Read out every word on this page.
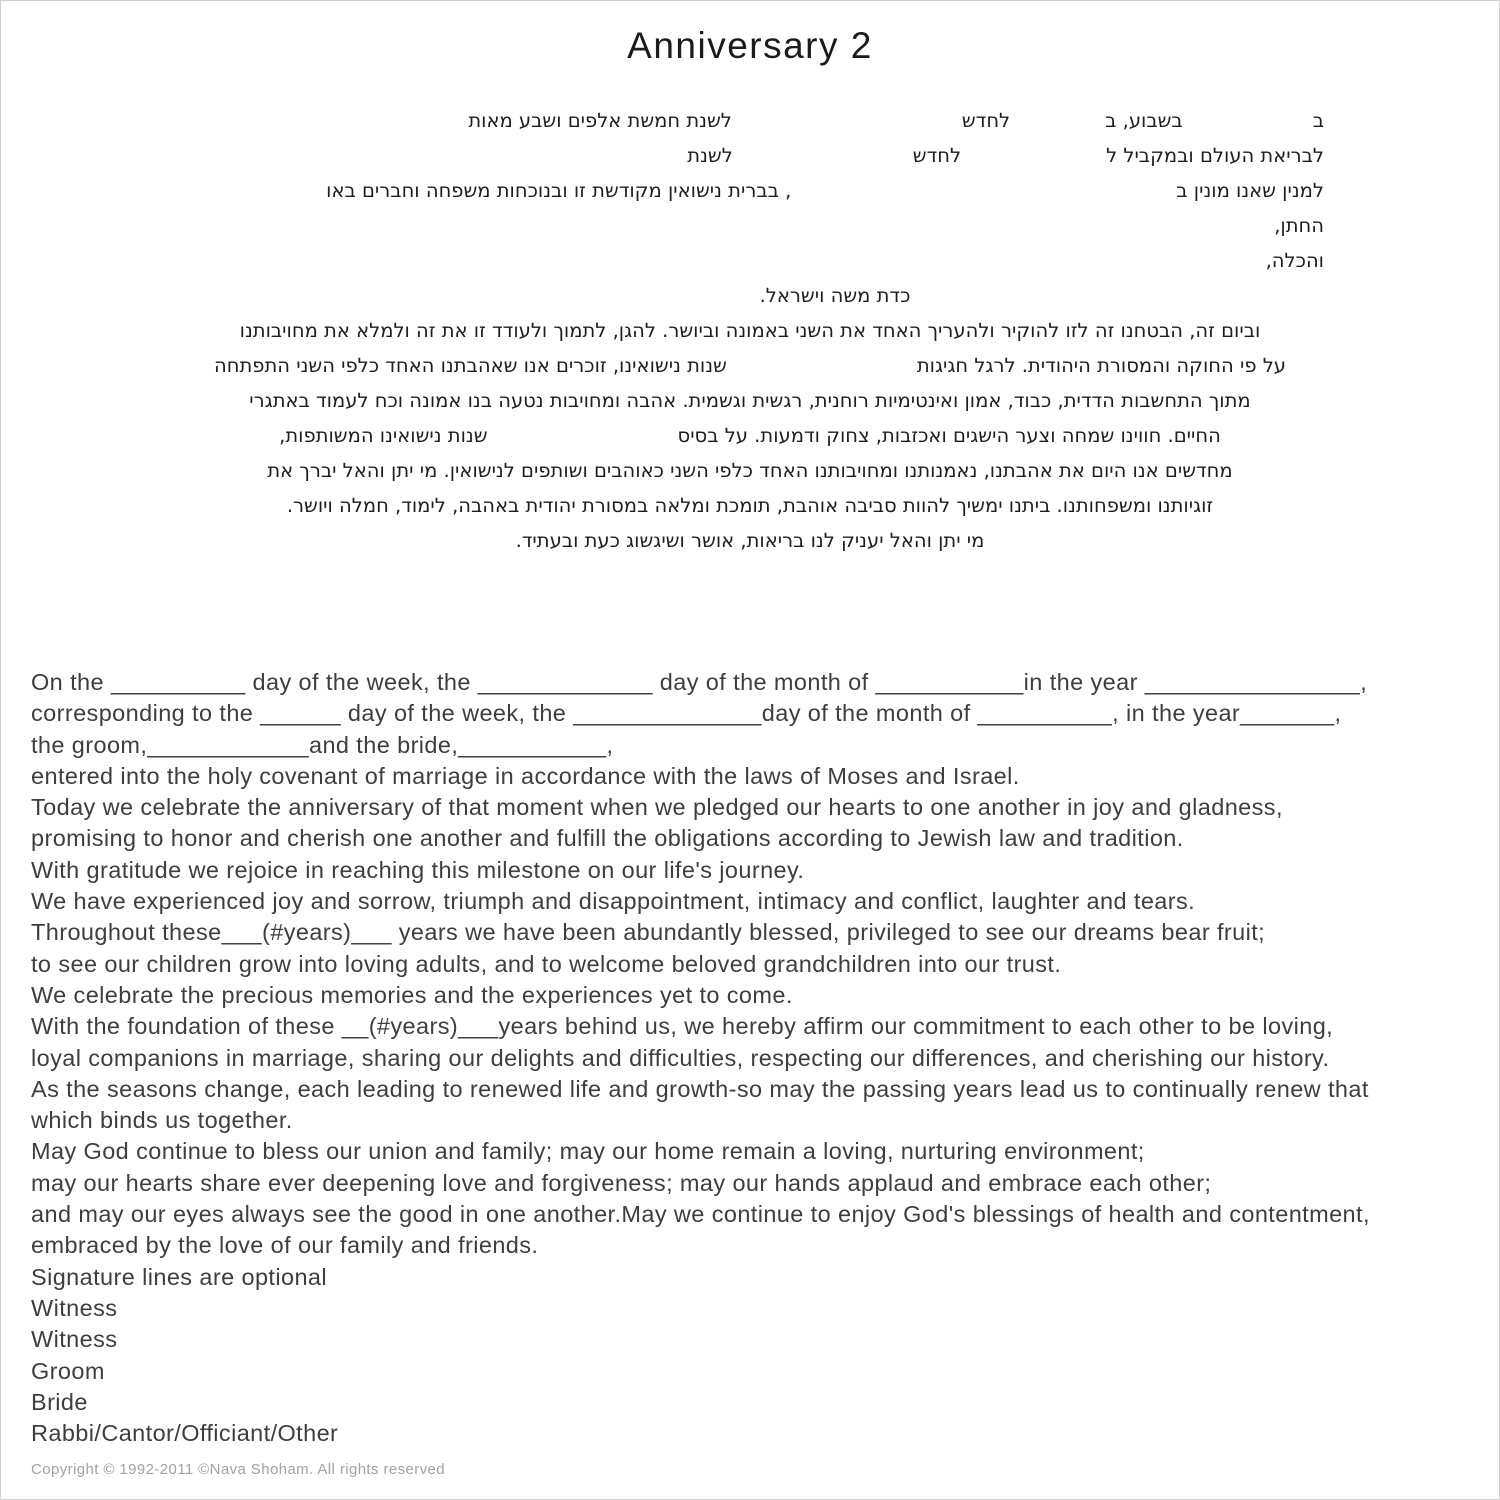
Anniversary 2
בבשבוע, בלחדשלשנת חמשת אלפים ושבע מאות
לבריאת העולם ובמקביל ללחדשלשנת
למנין שאנו מונין ב, בברית נישואין מקודשת זו ובנוכחות משפחה וחברים באו
החתן,
והכלה,
כדת משה וישראל.
וביום זה, הבטחנו זה לזו להוקיר ולהעריך האחד את השני באמונה וביושר. להגן, לתמוך ולעודד זו את זה ולמלא את מחויבותנו
על פי החוקה והמסורת היהודית. לרגל חגיגותשנות נישואינו, זוכרים אנו שאהבתנו האחד כלפי השני התפתחה
מתוך התחשבות הדדית, כבוד, אמון ואינטימיות רוחנית, רגשית וגשמית. אהבה ומחויבות נטעה בנו אמונה וכח לעמוד באתגרי
החיים. חווינו שמחה וצער הישגים ואכזבות, צחוק ודמעות. על בסיסשנות נישואינו המשותפות,
מחדשים אנו היום את אהבתנו, נאמנותנו ומחויבותנו האחד כלפי השני כאוהבים ושותפים לנישואין. מי יתן והאל יברך את
זוגיותנו ומשפחותנו. ביתנו ימשיך להוות סביבה אוהבת, תומכת ומלאה במסורת יהודית באהבה, לימוד, חמלה ויושר.
מי יתן והאל יעניק לנו בריאות, אושר ושיגשוג כעת ובעתיד.
On the __________ day of the week, the _____________ day of the month of ___________in the year ________________,
corresponding to the ______ day of the week, the ______________day of the month of __________, in the year_______,
the groom,____________and the bride,___________,
entered into the holy covenant of marriage in accordance with the laws of Moses and Israel.
Today we celebrate the anniversary of that moment when we pledged our hearts to one another in joy and gladness,
promising to honor and cherish one another and fulfill the obligations according to Jewish law and tradition.
With gratitude we rejoice in reaching this milestone on our life's journey.
We have experienced joy and sorrow, triumph and disappointment, intimacy and conflict, laughter and tears.
Throughout these___(#years)___ years we have been abundantly blessed, privileged to see our dreams bear fruit;
to see our children grow into loving adults, and to welcome beloved grandchildren into our trust.
We celebrate the precious memories and the experiences yet to come.
With the foundation of these __(#years)___years behind us, we hereby affirm our commitment to each other to be loving,
loyal companions in marriage, sharing our delights and difficulties, respecting our differences, and cherishing our history.
As the seasons change, each leading to renewed life and growth-so may the passing years lead us to continually renew that
which binds us together.
May God continue to bless our union and family; may our home remain a loving, nurturing environment;
may our hearts share ever deepening love and forgiveness; may our hands applaud and embrace each other;
and may our eyes always see the good in one another.May we continue to enjoy God's blessings of health and contentment,
embraced by the love of our family and friends.
Signature lines are optional
Witness
Witness
Groom
Bride
Rabbi/Cantor/Officiant/Other
Copyright © 1992-2011 ©Nava Shoham. All rights reserved
